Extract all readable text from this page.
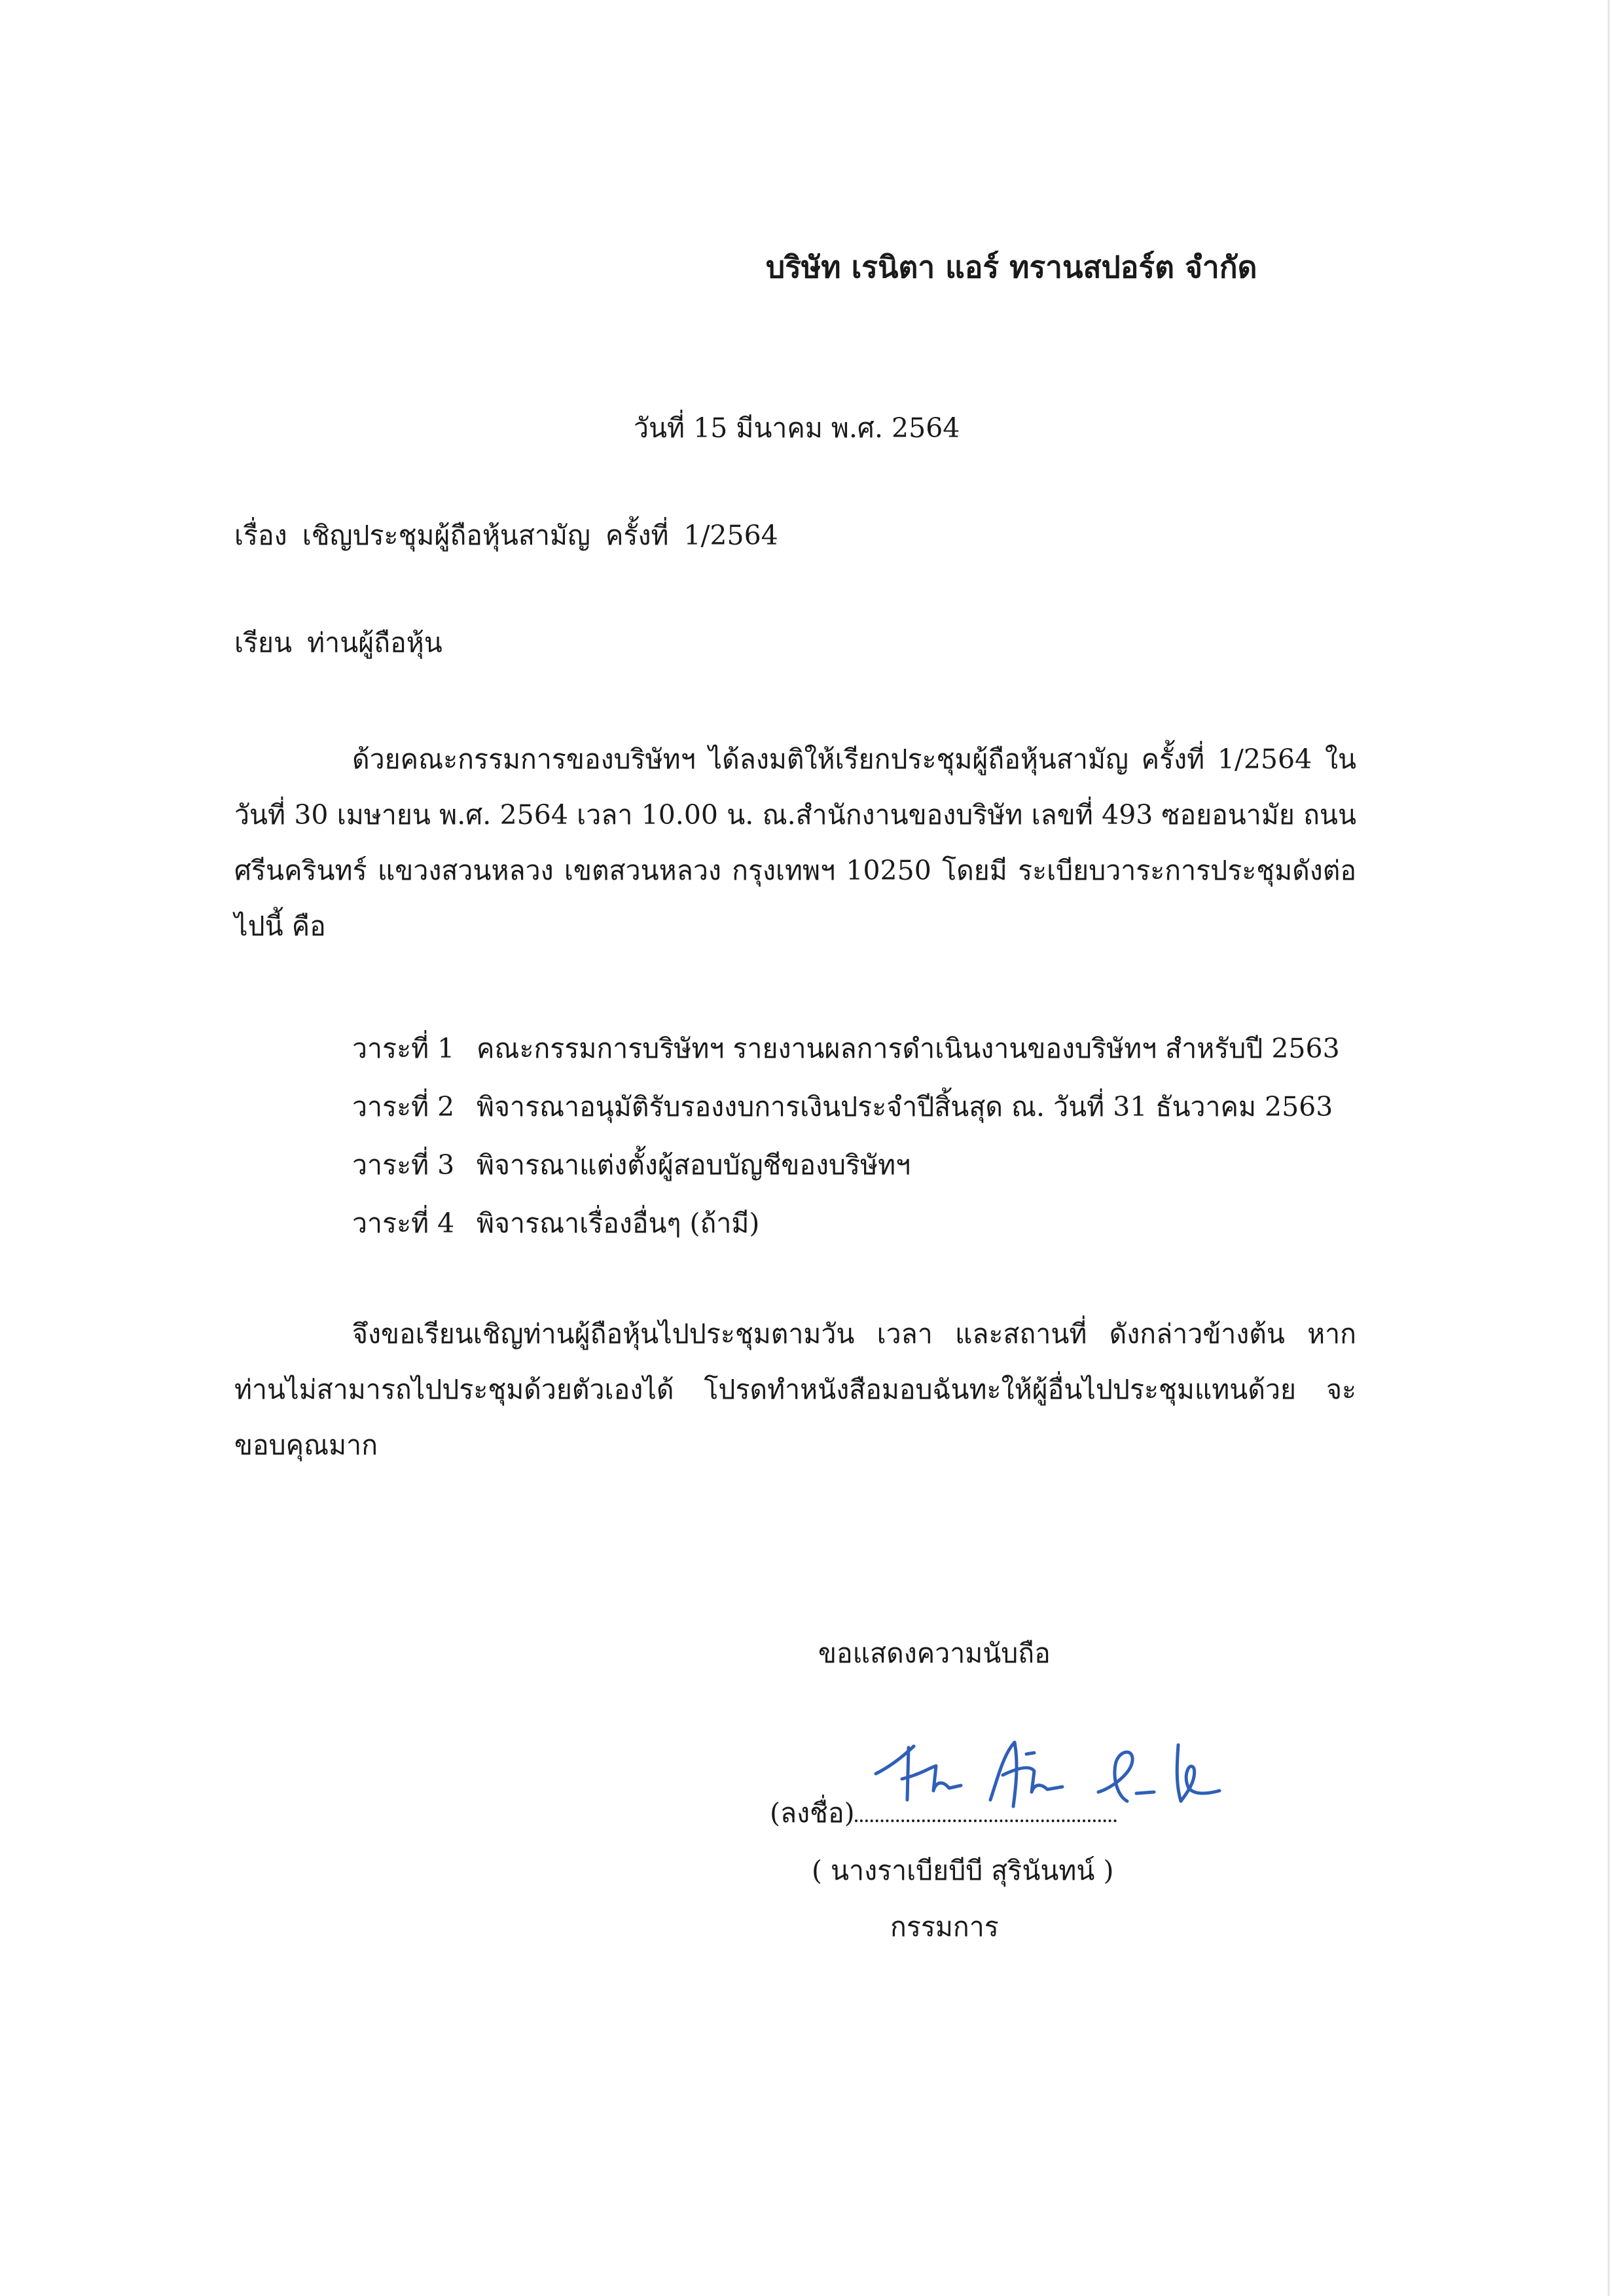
บริษัท เรนิตา แอร์ ทรานสปอร์ต จำกัด
วันที่ 15 มีนาคม พ.ศ. 2564
เรื่อง เชิญประชุมผู้ถือหุ้นสามัญ ครั้งที่ 1/2564
เรียน ท่านผู้ถือหุ้น
ด้วยคณะกรรมการของบริษัทฯ ได้ลงมติให้เรียกประชุมผู้ถือหุ้นสามัญ ครั้งที่ 1/2564 ในวันที่ 30 เมษายน พ.ศ. 2564 เวลา 10.00 น. ณ.สำนักงานของบริษัท เลขที่ 493 ซอยอนามัย ถนนศรีนครินทร์ แขวงสวนหลวง เขตสวนหลวง กรุงเทพฯ 10250 โดยมี ระเบียบวาระการประชุมดังต่อไปนี้ คือ
วาระที่ 1 คณะกรรมการบริษัทฯ รายงานผลการดำเนินงานของบริษัทฯ สำหรับปี 2563
วาระที่ 2 พิจารณาอนุมัติรับรองงบการเงินประจำปีสิ้นสุด ณ. วันที่ 31 ธันวาคม 2563
วาระที่ 3 พิจารณาแต่งตั้งผู้สอบบัญชีของบริษัทฯ
วาระที่ 4 พิจารณาเรื่องอื่นๆ (ถ้ามี)
จึงขอเรียนเชิญท่านผู้ถือหุ้นไปประชุมตามวัน เวลา และสถานที่ ดังกล่าวข้างต้น หาก ท่านไม่สามารถไปประชุมด้วยตัวเองได้ โปรดทำหนังสือมอบฉันทะให้ผู้อื่นไปประชุมแทนด้วย จะขอบคุณมาก
ขอแสดงความนับถือ
(ลงชื่อ)
( นางราเบียบีบี สุรินันทน์ )
กรรมการ
